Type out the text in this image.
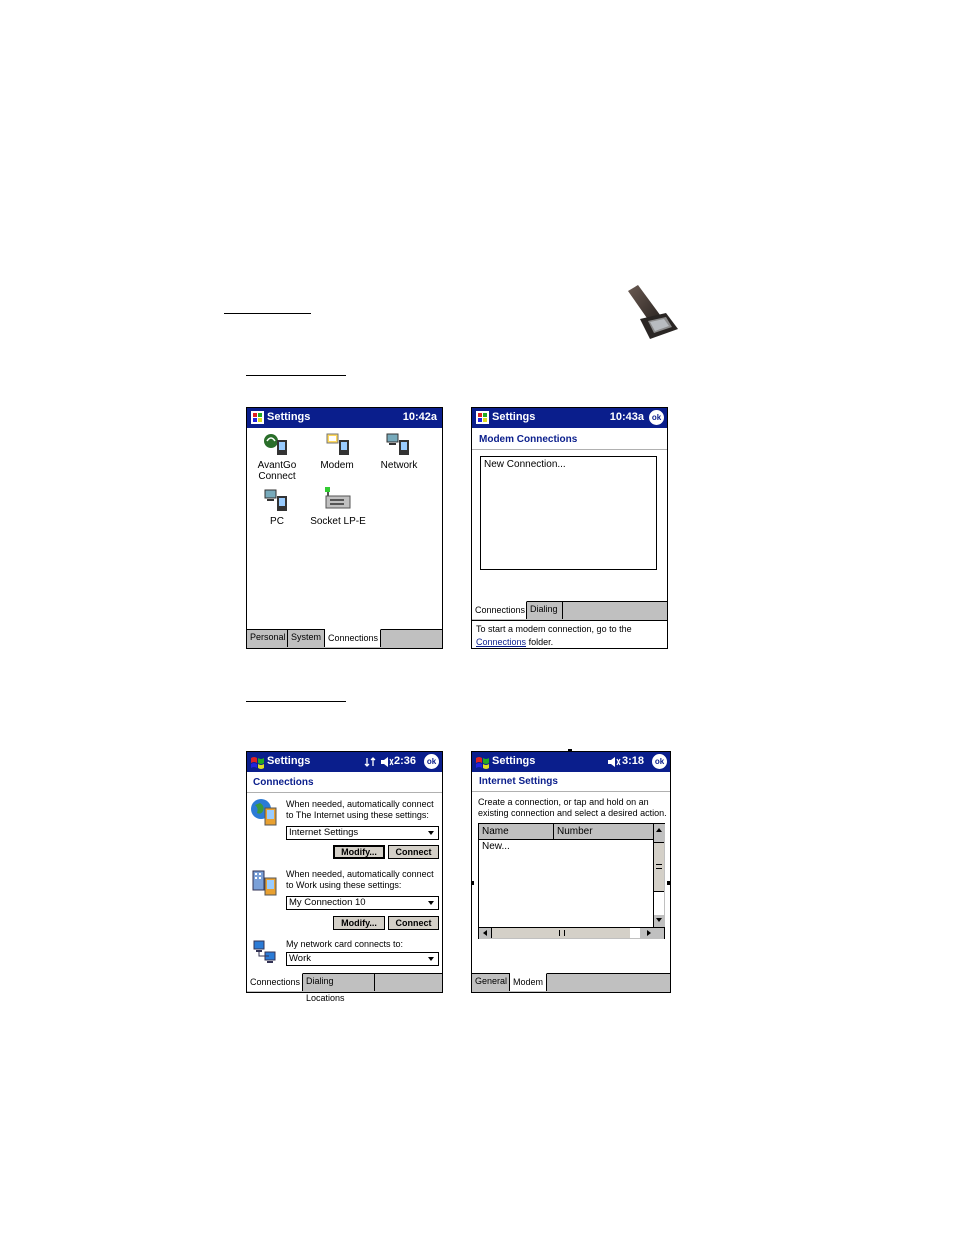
Settings	10:42a
AvantGo Connect
Modem	Network
PC	Socket LP-E
Personal System Connections
Settings	10:43a ok
Modem Connections
New Connection...
Connections Dialing
To start a modem connection, go to the Connections folder.
Settings	2:36	ok
Connections
When needed, automatically connect to The Internet using these settings:
Internet Settings
Modify...	Connect
When needed, automatically connect to Work using these settings:
My Connection 10
Modify...	Connect
My network card connects to:
Work
Connections Dialing Locations
Settings	3:18	ok
Internet Settings
Create a connection, or tap and hold on an existing connection and select a desired action.
Name	Number
New...
General Modem
